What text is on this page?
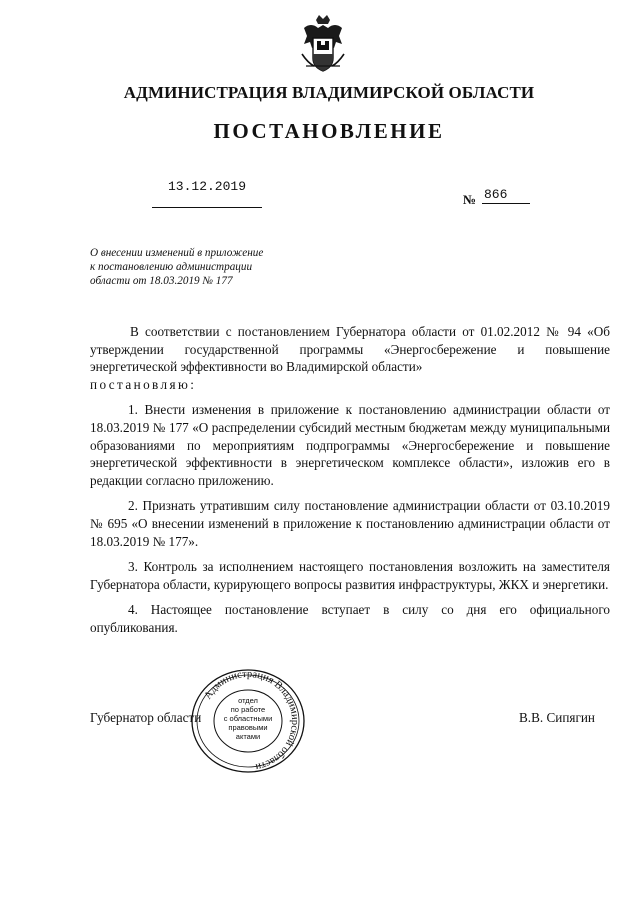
АДМИНИСТРАЦИЯ ВЛАДИМИРСКОЙ ОБЛАСТИ
ПОСТАНОВЛЕНИЕ
13.12.2019
№ 866
О внесении изменений в приложение
к постановлению администрации
области от 18.03.2019 № 177

В соответствии с постановлением Губернатора области от 01.02.2012 № 94 «Об утверждении государственной программы «Энергосбережение и повышение энергетической эффективности во Владимирской области»
постановляю:

1. Внести изменения в приложение к постановлению администрации области от 18.03.2019 № 177 «О распределении субсидий местным бюджетам между муниципальными образованиями по мероприятиям подпрограммы «Энергосбережение и повышение энергетической эффективности в энергетическом комплексе области», изложив его в редакции согласно приложению.

2. Признать утратившим силу постановление администрации области от 03.10.2019 № 695 «О внесении изменений в приложение к постановлению администрации области от 18.03.2019 № 177».

3. Контроль за исполнением настоящего постановления возложить на заместителя Губернатора области, курирующего вопросы развития инфраструктуры, ЖКХ и энергетики.

4. Настоящее постановление вступает в силу со дня его официального опубликования.

Губернатор области	В.В. Сипягин
Администрация Владимирской области
отдел
по работе
с областными
правовыми
актами
